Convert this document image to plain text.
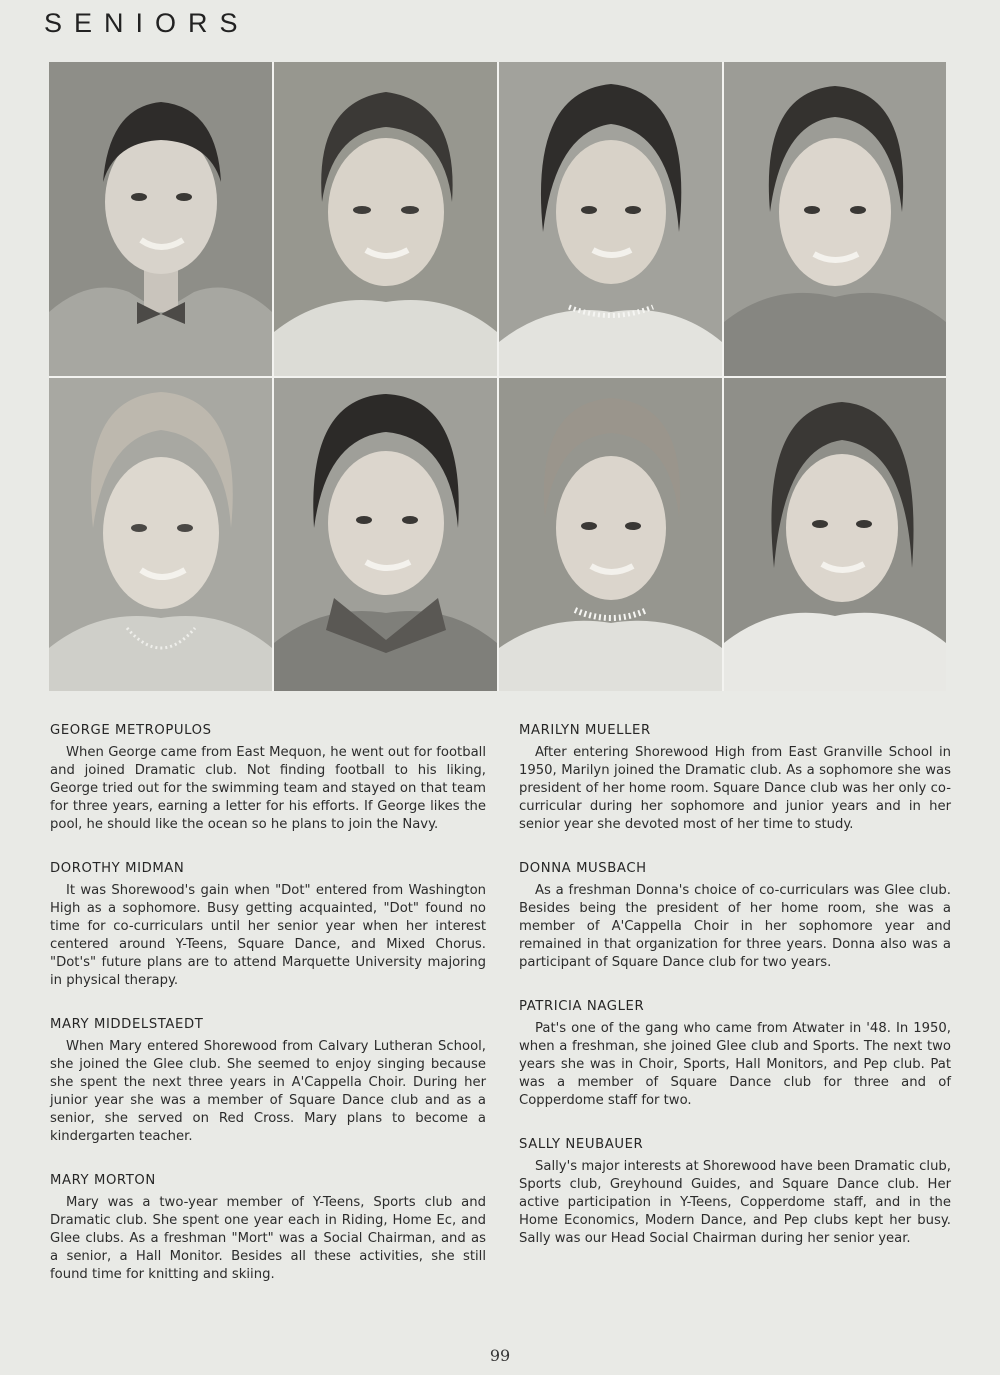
SENIORS

GEORGE METROPULOS

When George came from East Mequon, he went out for football and joined Dramatic club. Not finding football to his liking, George tried out for the swimming team and stayed on that team for three years, earning a letter for his efforts. If George likes the pool, he should like the ocean so he plans to join the Navy.

DOROTHY MIDMAN

It was Shorewood's gain when "Dot" entered from Washington High as a sophomore. Busy getting acquainted, "Dot" found no time for co-curriculars until her senior year when her interest centered around Y-Teens, Square Dance, and Mixed Chorus. "Dot's" future plans are to attend Marquette University majoring in physical therapy.

MARY MIDDELSTAEDT

When Mary entered Shorewood from Calvary Lutheran School, she joined the Glee club. She seemed to enjoy singing because she spent the next three years in A'Cappella Choir. During her junior year she was a member of Square Dance club and as a senior, she served on Red Cross. Mary plans to become a kindergarten teacher.

MARY MORTON

Mary was a two-year member of Y-Teens, Sports club and Dramatic club. She spent one year each in Riding, Home Ec, and Glee clubs. As a freshman "Mort" was a Social Chairman, and as a senior, a Hall Monitor. Besides all these activities, she still found time for knitting and skiing.

MARILYN MUELLER

After entering Shorewood High from East Granville School in 1950, Marilyn joined the Dramatic club. As a sophomore she was president of her home room. Square Dance club was her only co-curricular during her sophomore and junior years and in her senior year she devoted most of her time to study.

DONNA MUSBACH

As a freshman Donna's choice of co-curriculars was Glee club. Besides being the president of her home room, she was a member of A'Cappella Choir in her sophomore year and remained in that organization for three years. Donna also was a participant of Square Dance club for two years.

PATRICIA NAGLER

Pat's one of the gang who came from Atwater in '48. In 1950, when a freshman, she joined Glee club and Sports. The next two years she was in Choir, Sports, Hall Monitors, and Pep club. Pat was a member of Square Dance club for three and of Copperdome staff for two.

SALLY NEUBAUER

Sally's major interests at Shorewood have been Dramatic club, Sports club, Greyhound Guides, and Square Dance club. Her active participation in Y-Teens, Copperdome staff, and in the Home Economics, Modern Dance, and Pep clubs kept her busy. Sally was our Head Social Chairman during her senior year.

99
